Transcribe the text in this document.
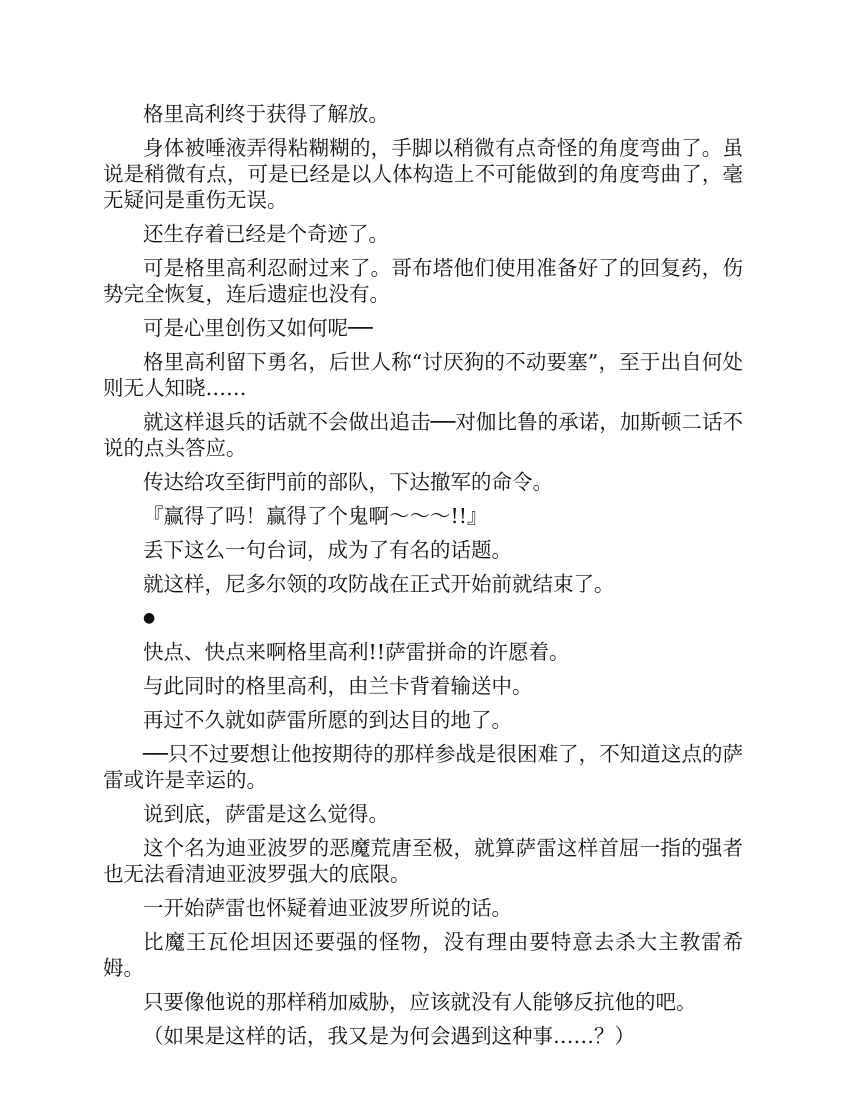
格里高利终于获得了解放。

身体被唾液弄得粘糊糊的，手脚以稍微有点奇怪的角度弯曲了。虽说是稍微有点，可是已经是以人体构造上不可能做到的角度弯曲了，毫无疑问是重伤无误。

还生存着已经是个奇迹了。

可是格里高利忍耐过来了。哥布塔他们使用准备好了的回复药，伤势完全恢复，连后遗症也没有。

可是心里创伤又如何呢──

格里高利留下勇名，后世人称“讨厌狗的不动要塞”，至于出自何处则无人知晓……

就这样退兵的话就不会做出追击──对伽比鲁的承诺，加斯顿二话不说的点头答应。

传达给攻至街門前的部队，下达撤军的命令。

『赢得了吗！赢得了个鬼啊～～～!!』

丢下这么一句台词，成为了有名的话题。

就这样，尼多尔领的攻防战在正式开始前就结束了。

●

快点、快点来啊格里高利!!萨雷拼命的许愿着。

与此同时的格里高利，由兰卡背着输送中。

再过不久就如萨雷所愿的到达目的地了。

──只不过要想让他按期待的那样参战是很困难了，不知道这点的萨雷或许是幸运的。

说到底，萨雷是这么觉得。

这个名为迪亚波罗的恶魔荒唐至极，就算萨雷这样首屈一指的强者也无法看清迪亚波罗强大的底限。

一开始萨雷也怀疑着迪亚波罗所说的话。

比魔王瓦伦坦因还要强的怪物，没有理由要特意去杀大主教雷希姆。

只要像他说的那样稍加威胁，应该就没有人能够反抗他的吧。

（如果是这样的话，我又是为何会遇到这种事……？）
